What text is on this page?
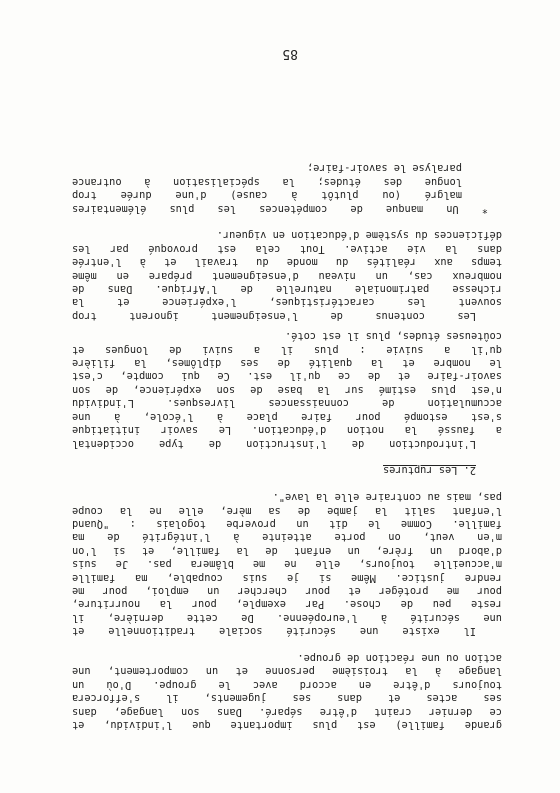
grande famille) est plus importante que l'individu, et
ce dernier craint d'être séparé. Dans son langage, dans
ses actes et dans ses jugements, il s'efforcera
toujours d'être en accord avec le groupe. D'où un
langage à la troisième personne et un comportement, une
action ou une réaction de groupe.
Il existe une sécurité sociale traditionnelle et
une sécurité à l'européenne. De cette dernière, il
reste peu de chose. Par exemple, pour la nourriture,
pour me protéger et pour chercher un emploi, pour me
rendre justice. Même si je suis coupable, ma famille
m'accueille toujours, elle ne me blâmera pas. Je suis
d'abord un frère, un enfant de la famille, et si l'on
m'en veut, on porte atteinte à l'intégrité de ma
famille. Comme le dit un proverbe togolais : "Quand
l'enfant salit la jambe de sa mère, elle ne la coupe
pas, mais au contraire elle la lave".
2. Les ruptures
L'introduction de l'instruction de type occidental
a faussé la notion d'éducation. Le savoir initiatique
s'est estompé pour faire place à l'école, à une
accumulation de connaissances livresques. L'individu
n'est plus estimé sur la base de son expérience, de son
savoir-faire et de ce qu'il est. Ce qui compte, c'est
le nombre et la qualité de ses diplômes, la filière
qu'il a suivie : plus il a suivi de longues et
coûteuses études, plus il est coté.
Les contenus de l'enseignement ignorent trop
souvent les caractéristiques, l'expérience et la
richesse patrimoniale naturelle de l'Afrique. Dans de
nombreux cas, un niveau d'enseignement prépare en même
temps aux réalités du monde du travail et à l'entrée
dans la vie active. Tout cela est provoqué par les
déficiences du système d'éducation en vigueur.
* Un manque de compétences les plus élémentaires
malgré (ou plutôt à cause) d'une durée trop
longue des études; la spécialisation à outrance
paralyse le savoir-faire;
85
